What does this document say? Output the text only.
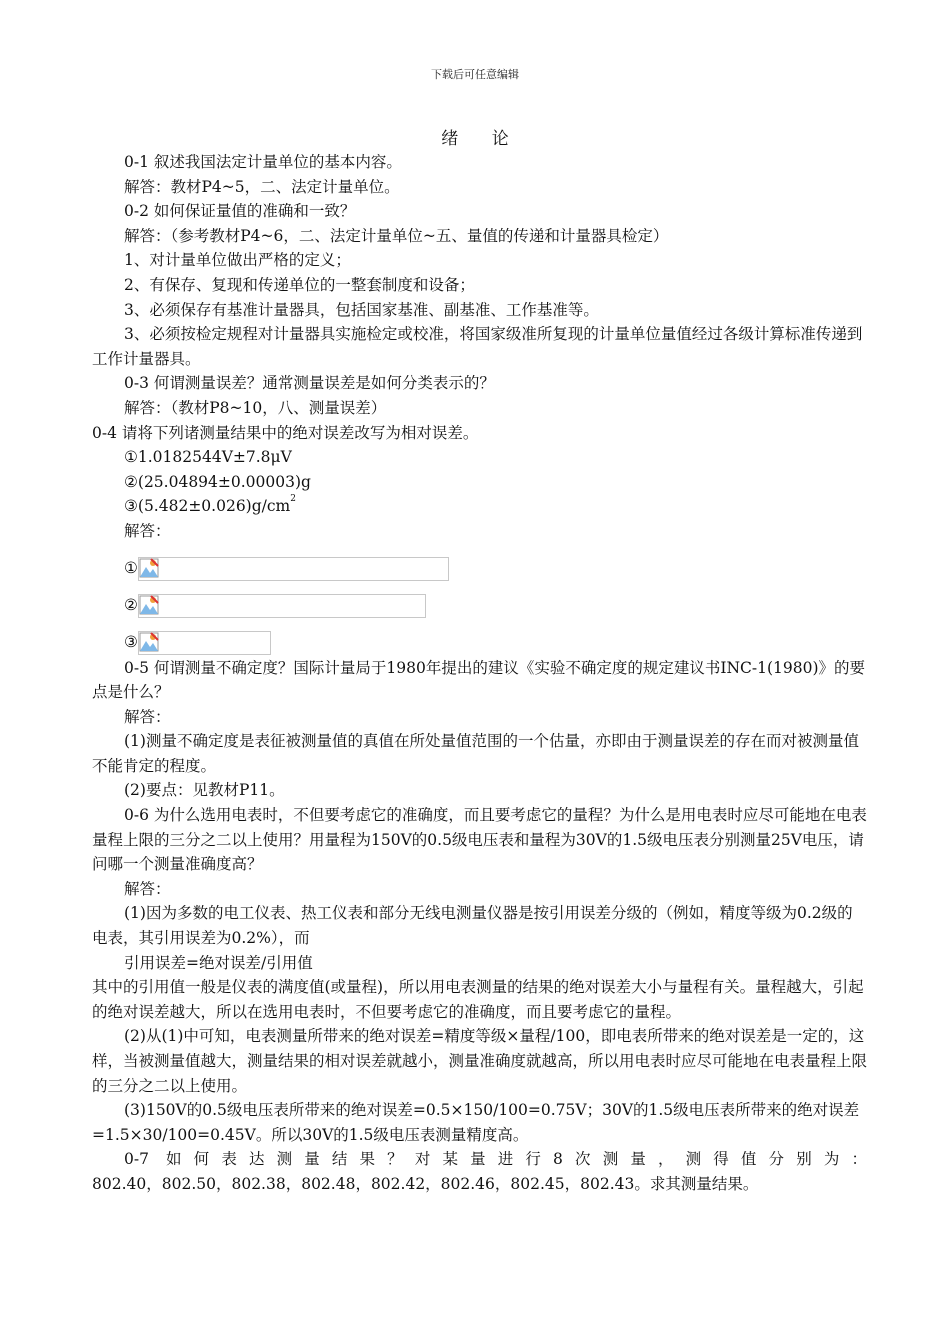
下载后可任意编辑
绪 论

0-1 叙述我国法定计量单位的基本内容。

解答：教材P4~5，二、法定计量单位。

0-2 如何保证量值的准确和一致？

解答：（参考教材P4~6，二、法定计量单位~五、量值的传递和计量器具检定）

1、对计量单位做出严格的定义；

2、有保存、复现和传递单位的一整套制度和设备；

3、必须保存有基准计量器具，包括国家基准、副基准、工作基准等。

3、必须按检定规程对计量器具实施检定或校准，将国家级准所复现的计量单位量值经过各级计算标准传递到工作计量器具。

0-3 何谓测量误差？通常测量误差是如何分类表示的？

解答：（教材P8~10，八、测量误差）

0-4 请将下列诸测量结果中的绝对误差改写为相对误差。

①1.0182544V±7.8μV

②(25.04894±0.00003)g

$③(5.482\pm 0.026)g/cm^2$

解答：

①
②
③

0-5 何谓测量不确定度？国际计量局于1980年提出的建议《实验不确定度的规定建议书INC-1(1980)》的要点是什么？

解答：

(1)测量不确定度是表征被测量值的真值在所处量值范围的一个估量，亦即由于测量误差的存在而对被测量值不能肯定的程度。

(2)要点：见教材P11。

0-6 为什么选用电表时，不但要考虑它的准确度，而且要考虑它的量程？为什么是用电表时应尽可能地在电表量程上限的三分之二以上使用？用量程为150V的0.5级电压表和量程为30V的1.5级电压表分别测量25V电压，请问哪一个测量准确度高？

解答：

(1)因为多数的电工仪表、热工仪表和部分无线电测量仪器是按引用误差分级的（例如，精度等级为0.2级的电表，其引用误差为0.2%），而

引用误差=绝对误差/引用值

其中的引用值一般是仪表的满度值(或量程)，所以用电表测量的结果的绝对误差大小与量程有关。量程越大，引起的绝对误差越大，所以在选用电表时，不但要考虑它的准确度，而且要考虑它的量程。

(2)从(1)中可知，电表测量所带来的绝对误差=精度等级×量程/100，即电表所带来的绝对误差是一定的，这样，当被测量值越大，测量结果的相对误差就越小，测量准确度就越高，所以用电表时应尽可能地在电表量程上限的三分之二以上使用。

(3)150V的0.5级电压表所带来的绝对误差=0.5×150/100=0.75V；30V的1.5级电压表所带来的绝对误差=1.5×30/100=0.45V。所以30V的1.5级电压表测量精度高。

0-7 如何表达测量结果？对某量进行8次测量，测得值分别为：

802.40，802.50，802.38，802.48，802.42，802.46，802.45，802.43。求其测量结果。
